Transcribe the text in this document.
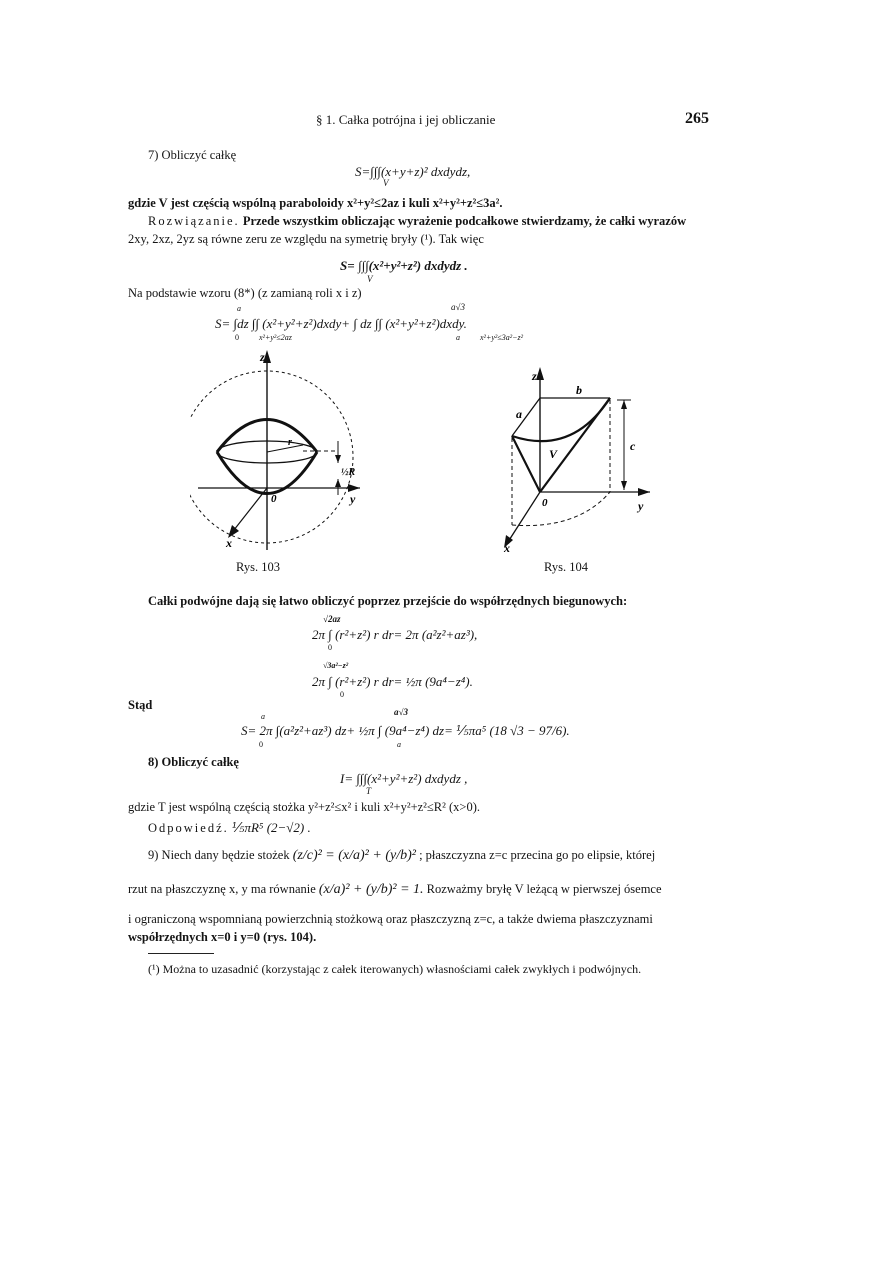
§ 1. Całka potrójna i jej obliczanie	265
7) Obliczyć całkę
S=∫∫∫(x+y+z)² dxdydz,
V
gdzie V jest częścią wspólną paraboloidy x²+y²≤2az i kuli x²+y²+z²≤3a².
Rozwiązanie. Przede wszystkim obliczając wyrażenie podcałkowe stwierdzamy, że całki wyrazów
2xy, 2xz, 2yz są równe zeru ze względu na symetrię bryły (¹). Tak więc
S= ∫∫∫(x²+y²+z²) dxdydz .
V
Na podstawie wzoru (8*) (z zamianą roli x i z)
a	a√3
S= ∫dz ∫∫ (x²+y²+z²)dxdy+ ∫ dz ∫∫ (x²+y²+z²)dxdy.
0	x²+y²≤2az	a	x²+y²≤3a²−z²
z
x
y
0
r
½R
Rys. 103
z
x
y
0
a
b
c
V
Rys. 104
Całki podwójne dają się łatwo obliczyć poprzez przejście do współrzędnych biegunowych:
√2az
2π ∫ (r²+z²) r dr= 2π (a²z²+az³),
0
√3a²−z²
2π ∫ (r²+z²) r dr= ½π (9a⁴−z⁴).
0
Stąd
a	a√3
S= 2π ∫(a²z²+az³) dz+ ½π ∫ (9a⁴−z⁴) dz= ⅕πa⁵ (18 √3 − 97/6).
0	a
8) Obliczyć całkę
I= ∫∫∫(x²+y²+z²) dxdydz ,
T
gdzie T jest wspólną częścią stożka y²+z²≤x² i kuli x²+y²+z²≤R² (x>0).
Odpowiedź. ⅕πR⁵ (2−√2) .
9) Niech dany będzie stożek (z/c)² = (x/a)² + (y/b)² ; płaszczyzna z=c przecina go po elipsie, której
rzut na płaszczyznę x, y ma równanie (x/a)² + (y/b)² = 1. Rozważmy bryłę V leżącą w pierwszej ósemce
i ograniczoną wspomnianą powierzchnią stożkową oraz płaszczyzną z=c, a także dwiema płaszczyznami
współrzędnych x=0 i y=0 (rys. 104).
(¹) Można to uzasadnić (korzystając z całek iterowanych) własnościami całek zwykłych i podwójnych.
